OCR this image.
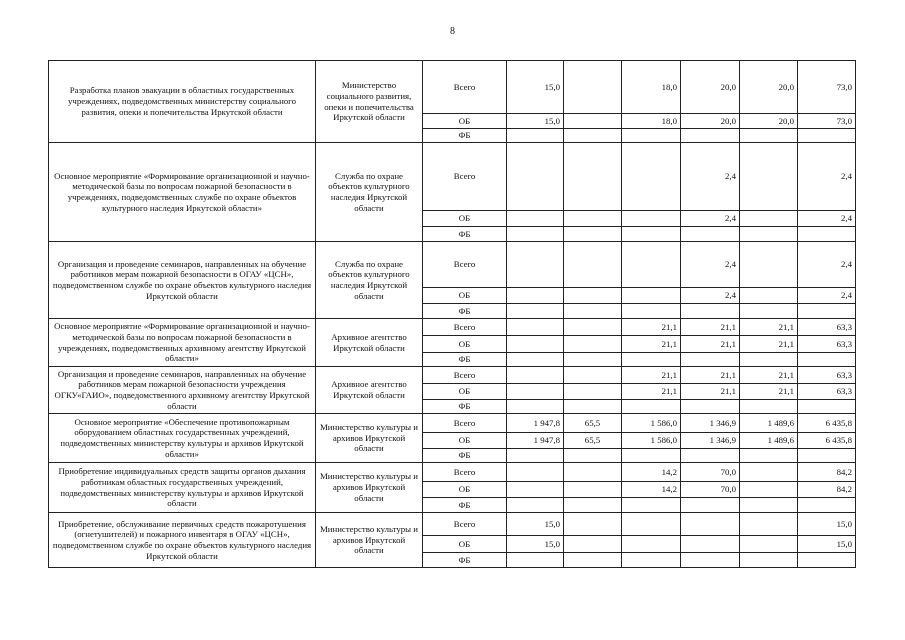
8
Разработка планов эвакуации в областных государственных учреждениях, подведомственных министерству социального развития, опеки и попечительства Иркутской области	Министерство социального развития, опеки и попечительства Иркутской области	Всего	15,0		18,0	20,0	20,0	73,0
		ОБ	15,0		18,0	20,0	20,0	73,0
		ФБ						
Основное мероприятие «Формирование организационной и научно-методической базы по вопросам пожарной безопасности в учреждениях, подведомственных службе по охране объектов культурного наследия Иркутской области»	Служба по охране объектов культурного наследия Иркутской области	Всего				2,4		2,4
		ОБ				2,4		2,4
		ФБ						
Организация и проведение семинаров, направленных на обучение работников мерам пожарной безопасности в ОГАУ «ЦСН», подведомственном службе по охране объектов культурного наследия Иркутской области	Служба по охране объектов культурного наследия Иркутской области	Всего				2,4		2,4
		ОБ				2,4		2,4
		ФБ						
Основное мероприятие «Формирование организационной и научно-методической базы по вопросам пожарной безопасности в учреждениях, подведомственных архивному агентству Иркутской области»	Архивное агентство Иркутской области	Всего			21,1	21,1	21,1	63,3
		ОБ			21,1	21,1	21,1	63,3
		ФБ						
Организация и проведение семинаров, направленных на обучение работников мерам пожарной безопасности учреждения ОГКУ«ГАИО», подведомственного архивному агентству Иркутской области	Архивное агентство Иркутской области	Всего			21,1	21,1	21,1	63,3
		ОБ			21,1	21,1	21,1	63,3
		ФБ						
Основное мероприятие «Обеспечение противопожарным оборудованием областных государственных учреждений, подведомственных министерству культуры и архивов Иркутской области»	Министерство культуры и архивов Иркутской области	Всего	1 947,8	65,5	1 586,0	1 346,9	1 489,6	6 435,8
		ОБ	1 947,8	65,5	1 586,0	1 346,9	1 489,6	6 435,8
		ФБ						
Приобретение индивидуальных средств защиты органов дыхания работникам областных государственных учреждений, подведомственных министерству культуры и архивов Иркутской области	Министерство культуры и архивов Иркутской области	Всего			14,2	70,0		84,2
		ОБ			14,2	70,0		84,2
		ФБ						
Приобретение, обслуживание первичных средств пожаротушения (огнетушителей) и пожарного инвентаря в ОГАУ «ЦСН», подведомственном службе по охране объектов культурного наследия Иркутской области	Министерство культуры и архивов Иркутской области	Всего	15,0					15,0
		ОБ	15,0					15,0
		ФБ						
